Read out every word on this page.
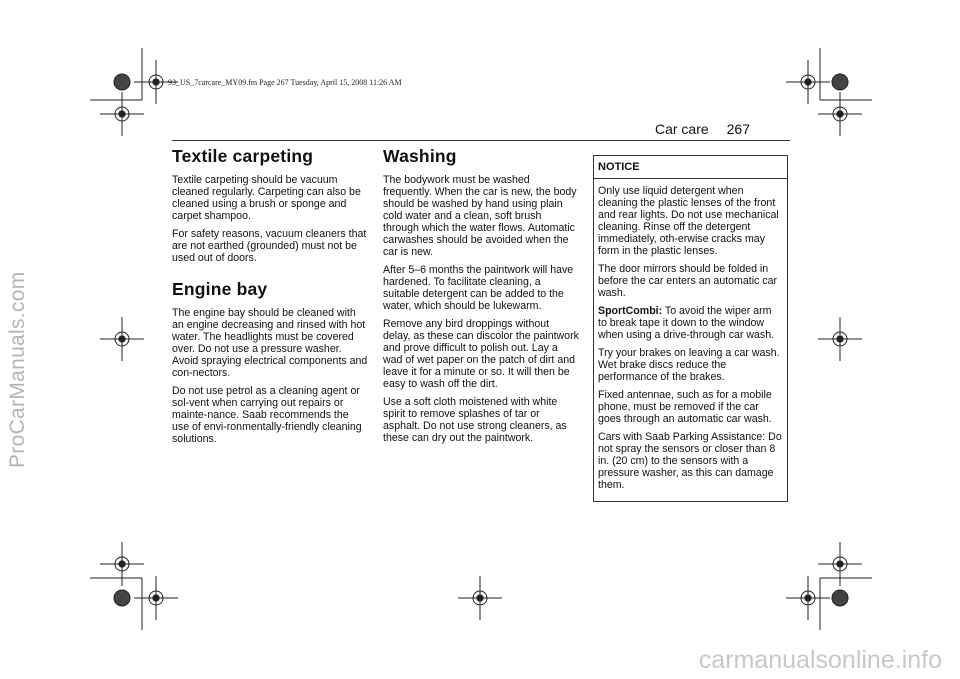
93_US_7carcare_MY09.fm Page 267 Tuesday, April 15, 2008 11:26 AM
ProCarManuals.com
carmanualsonline.info
Car care 267
Textile carpeting

Textile carpeting should be vacuum cleaned regularly. Carpeting can also be cleaned using a brush or sponge and carpet shampoo.

For safety reasons, vacuum cleaners that are not earthed (grounded) must not be used out of doors.

Engine bay

The engine bay should be cleaned with an engine decreasing and rinsed with hot water. The headlights must be covered over. Do not use a pressure washer. Avoid spraying electrical components and con-nectors.

Do not use petrol as a cleaning agent or sol-vent when carrying out repairs or mainte-nance. Saab recommends the use of envi-ronmentally-friendly cleaning solutions.

Washing

The bodywork must be washed frequently. When the car is new, the body should be washed by hand using plain cold water and a clean, soft brush through which the water flows. Automatic carwashes should be avoided when the car is new.

After 5–6 months the paintwork will have hardened. To facilitate cleaning, a suitable detergent can be added to the water, which should be lukewarm.

Remove any bird droppings without delay, as these can discolor the paintwork and prove difficult to polish out. Lay a wad of wet paper on the patch of dirt and leave it for a minute or so. It will then be easy to wash off the dirt.

Use a soft cloth moistened with white spirit to remove splashes of tar or asphalt. Do not use strong cleaners, as these can dry out the paintwork.

NOTICE

Only use liquid detergent when cleaning the plastic lenses of the front and rear lights. Do not use mechanical cleaning. Rinse off the detergent immediately, oth-erwise cracks may form in the plastic lenses.

The door mirrors should be folded in before the car enters an automatic car wash.

SportCombi: To avoid the wiper arm to break tape it down to the window when using a drive-through car wash.

Try your brakes on leaving a car wash. Wet brake discs reduce the performance of the brakes.

Fixed antennae, such as for a mobile phone, must be removed if the car goes through an automatic car wash.

Cars with Saab Parking Assistance: Do not spray the sensors or closer than 8 in. (20 cm) to the sensors with a pressure washer, as this can damage them.
